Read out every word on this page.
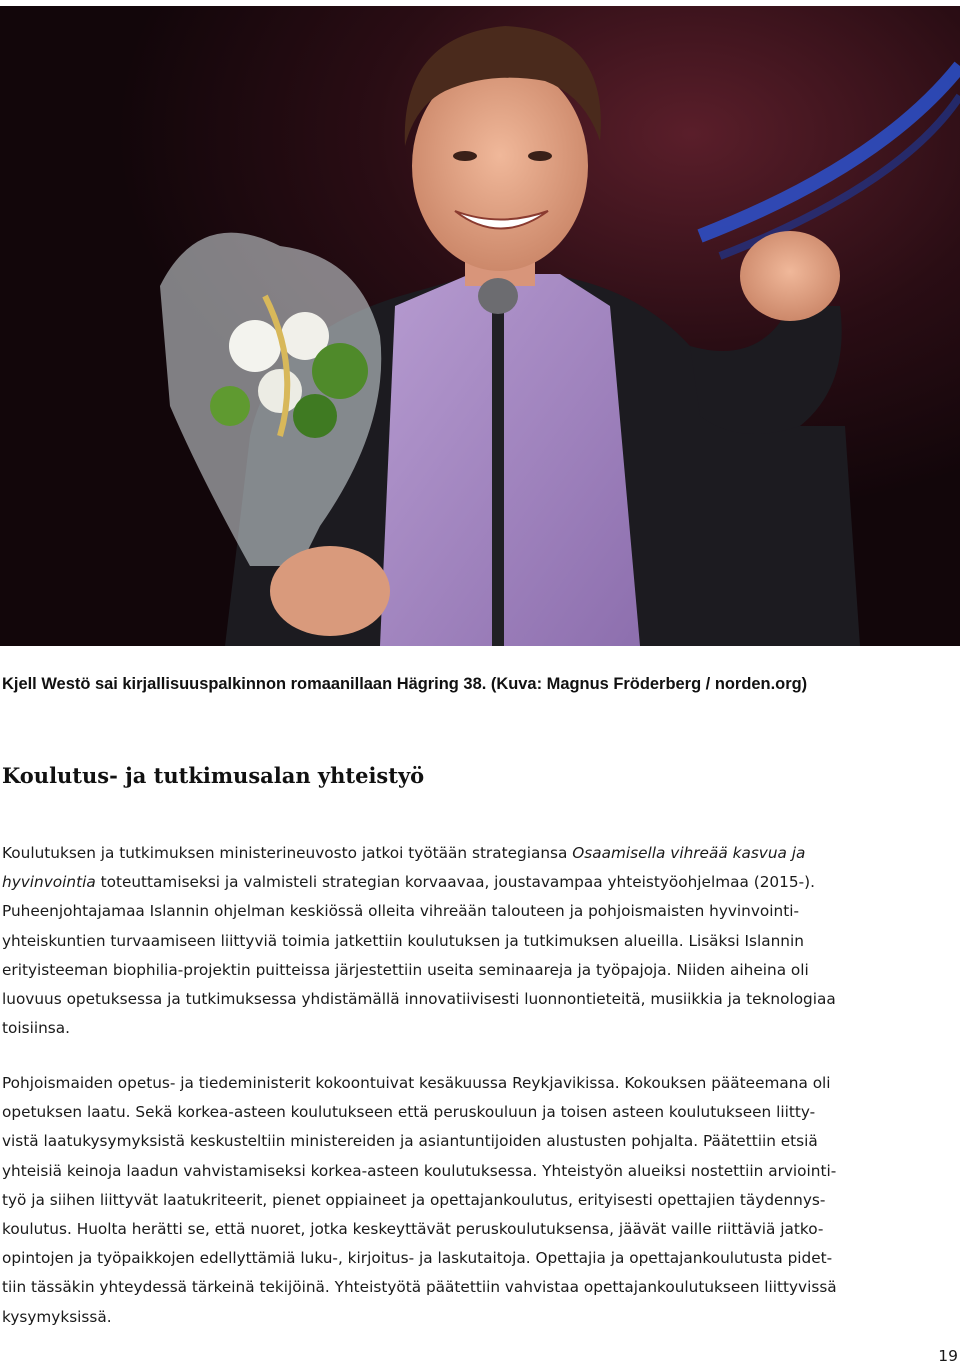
Kjell Westö sai kirjallisuuspalkinnon romaanillaan Hägring 38. (Kuva: Magnus Fröderberg / norden.org)
Koulutus- ja tutkimusalan yhteistyö
Koulutuksen ja tutkimuksen ministerineuvosto jatkoi työtään strategiansa Osaamisella vihreää kasvua ja
hyvinvointia toteuttamiseksi ja valmisteli strategian korvaavaa, joustavampaa yhteistyöohjelmaa (2015-).
Puheenjohtajamaa Islannin ohjelman keskiössä olleita vihreään talouteen ja pohjoismaisten hyvinvointi-
yhteiskuntien turvaamiseen liittyviä toimia jatkettiin koulutuksen ja tutkimuksen alueilla. Lisäksi Islannin
erityisteeman biophilia-projektin puitteissa järjestettiin useita seminaareja ja työpajoja. Niiden aiheina oli
luovuus opetuksessa ja tutkimuksessa yhdistämällä innovatiivisesti luonnontieteitä, musiikkia ja teknologiaa
toisiinsa.
Pohjoismaiden opetus- ja tiedeministerit kokoontuivat kesäkuussa Reykjavikissa. Kokouksen pääteemana oli
opetuksen laatu. Sekä korkea-asteen koulutukseen että peruskouluun ja toisen asteen koulutukseen liitty-
vistä laatukysymyksistä keskusteltiin ministereiden ja asiantuntijoiden alustusten pohjalta. Päätettiin etsiä
yhteisiä keinoja laadun vahvistamiseksi korkea-asteen koulutuksessa. Yhteistyön alueiksi nostettiin arviointi-
työ ja siihen liittyvät laatukriteerit, pienet oppiaineet ja opettajankoulutus, erityisesti opettajien täydennys-
koulutus. Huolta herätti se, että nuoret, jotka keskeyttävät peruskoulutuksensa, jäävät vaille riittäviä jatko-
opintojen ja työpaikkojen edellyttämiä luku-, kirjoitus- ja laskutaitoja. Opettajia ja opettajankoulutusta pidet-
tiin tässäkin yhteydessä tärkeinä tekijöinä. Yhteistyötä päätettiin vahvistaa opettajankoulutukseen liittyvissä
kysymyksissä.
19
